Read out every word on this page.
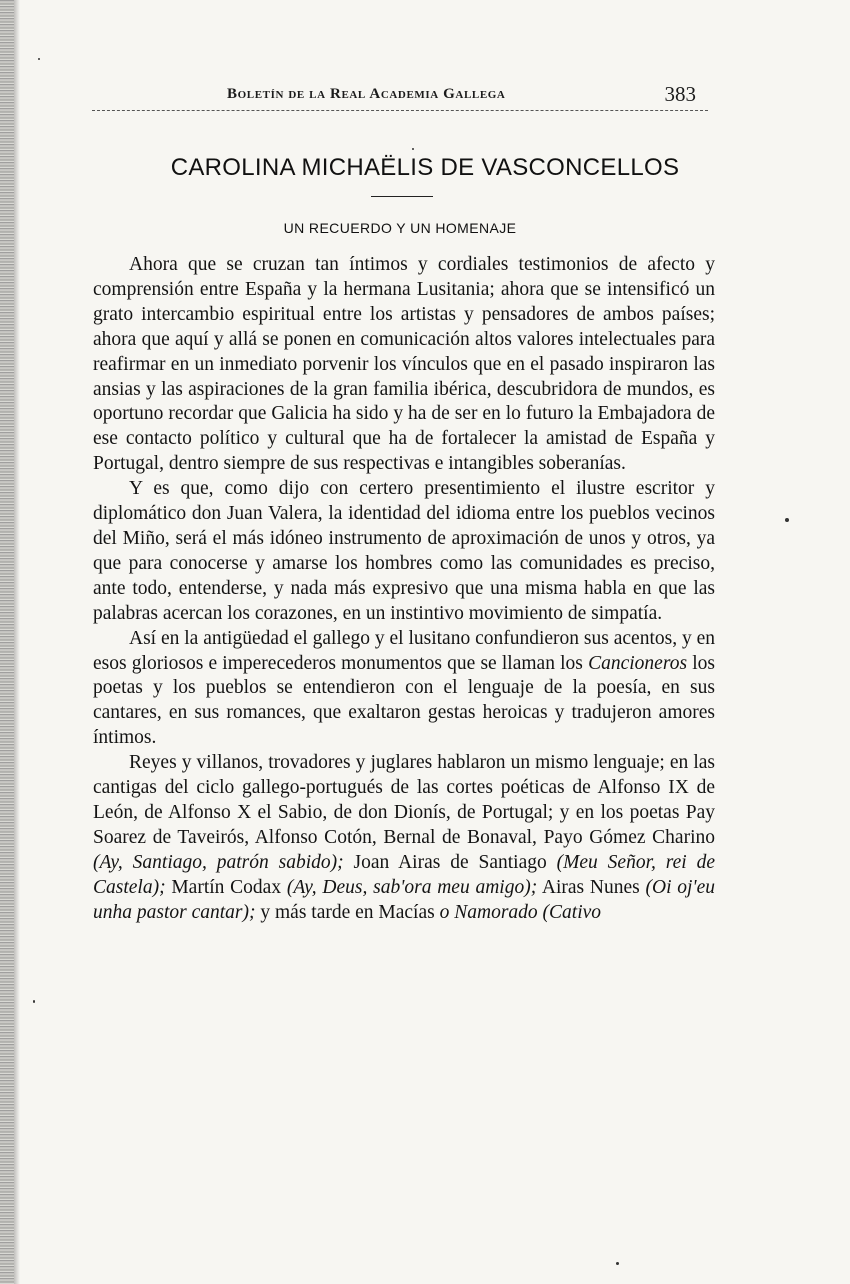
Boletín de la Real Academia Gallega	383
CAROLINA MICHAËLIS DE VASCONCELLOS
UN RECUERDO Y UN HOMENAJE

Ahora que se cruzan tan íntimos y cordiales testimonios de afecto y comprensión entre España y la hermana Lusitania; ahora que se intensificó un grato intercambio espiritual entre los artistas y pensadores de ambos países; ahora que aquí y allá se ponen en comunicación altos valores intelectuales para reafirmar en un inmediato porvenir los vínculos que en el pasado inspiraron las ansias y las aspiraciones de la gran familia ibérica, descubridora de mundos, es oportuno recordar que Galicia ha sido y ha de ser en lo futuro la Embajadora de ese contacto político y cultural que ha de fortalecer la amistad de España y Portugal, dentro siempre de sus respectivas e intangibles soberanías.

Y es que, como dijo con certero presentimiento el ilustre escritor y diplomático don Juan Valera, la identidad del idioma entre los pueblos vecinos del Miño, será el más idóneo instrumento de aproximación de unos y otros, ya que para conocerse y amarse los hombres como las comunidades es preciso, ante todo, entenderse, y nada más expresivo que una misma habla en que las palabras acercan los corazones, en un instintivo movimiento de simpatía.

Así en la antigüedad el gallego y el lusitano confundieron sus acentos, y en esos gloriosos e imperecederos monumentos que se llaman los Cancioneros los poetas y los pueblos se entendieron con el lenguaje de la poesía, en sus cantares, en sus romances, que exaltaron gestas heroicas y tradujeron amores íntimos.

Reyes y villanos, trovadores y juglares hablaron un mismo lenguaje; en las cantigas del ciclo gallego-portugués de las cortes poéticas de Alfonso IX de León, de Alfonso X el Sabio, de don Dionís, de Portugal; y en los poetas Pay Soarez de Taveirós, Alfonso Cotón, Bernal de Bonaval, Payo Gómez Charino (Ay, Santiago, patrón sabido); Joan Airas de Santiago (Meu Señor, rei de Castela); Martín Codax (Ay, Deus, sab'ora meu amigo); Airas Nunes (Oi oj'eu unha pastor cantar); y más tarde en Macías o Namorado (Cativo
